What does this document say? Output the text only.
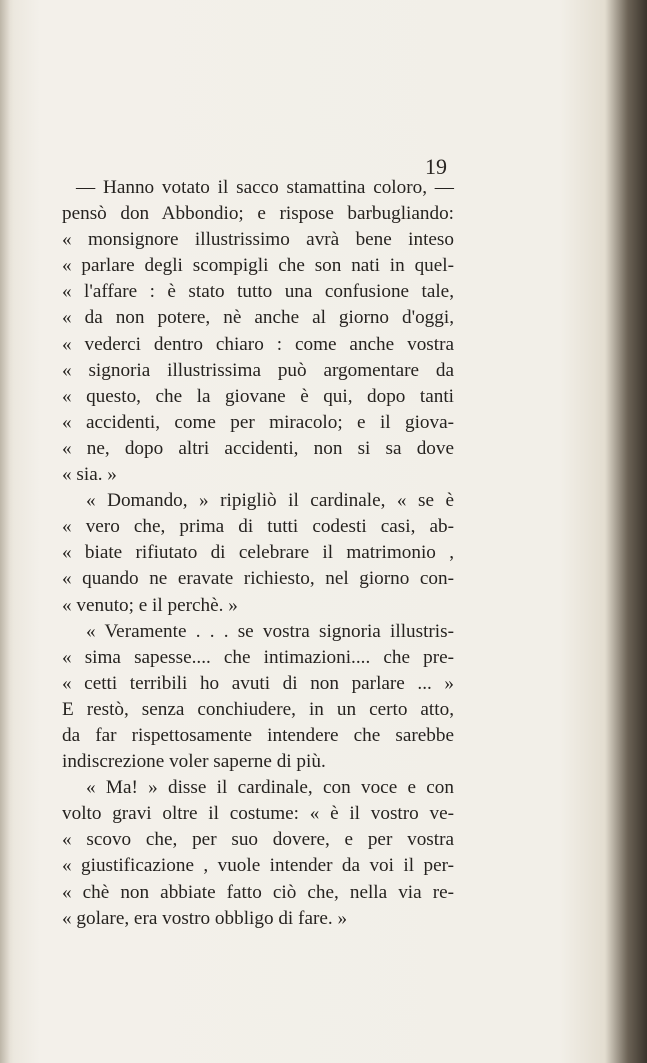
19
— Hanno votato il sacco stamattina coloro, —
pensò don Abbondio; e rispose barbugliando:
« monsignore illustrissimo avrà bene inteso
« parlare degli scompigli che son nati in quel-
« l'affare : è stato tutto una confusione tale,
« da non potere, nè anche al giorno d'oggi,
« vederci dentro chiaro : come anche vostra
« signoria illustrissima può argomentare da
« questo, che la giovane è qui, dopo tanti
« accidenti, come per miracolo; e il giova-
« ne, dopo altri accidenti, non si sa dove
« sia. »
« Domando, » ripigliò il cardinale, « se è
« vero che, prima di tutti codesti casi, ab-
« biate rifiutato di celebrare il matrimonio ,
« quando ne eravate richiesto, nel giorno con-
« venuto; e il perchè. »
« Veramente . . . se vostra signoria illustris-
« sima sapesse.... che intimazioni.... che pre-
« cetti terribili ho avuti di non parlare ... »
E restò, senza conchiudere, in un certo atto,
da far rispettosamente intendere che sarebbe
indiscrezione voler saperne di più.
« Ma! » disse il cardinale, con voce e con
volto gravi oltre il costume: « è il vostro ve-
« scovo che, per suo dovere, e per vostra
« giustificazione , vuole intender da voi il per-
« chè non abbiate fatto ciò che, nella via re-
« golare, era vostro obbligo di fare. »
